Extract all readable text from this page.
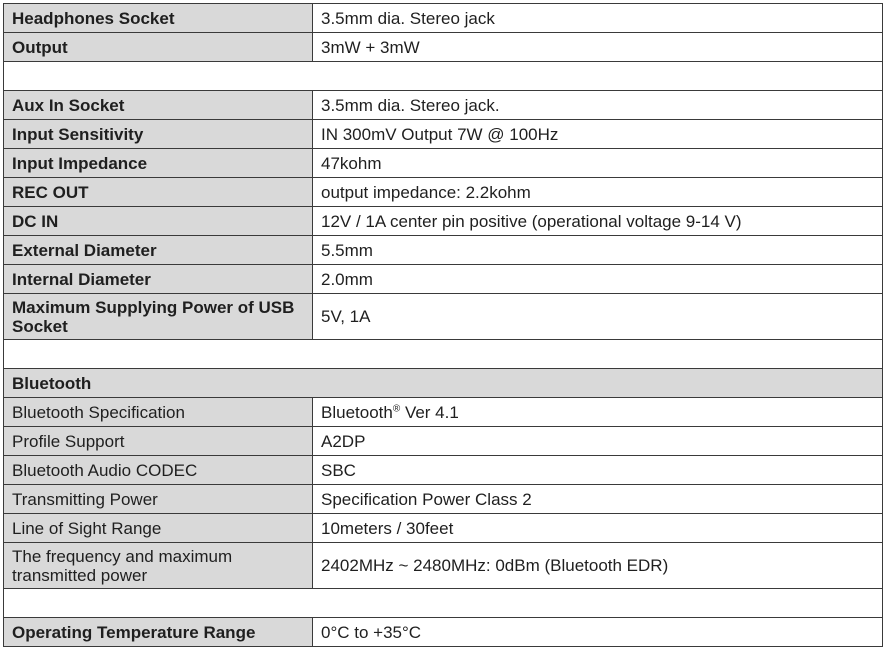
Headphones Socket	3.5mm dia. Stereo jack
Output	3mW + 3mW

Aux In Socket	3.5mm dia. Stereo jack.
Input Sensitivity	IN 300mV Output 7W @ 100Hz
Input Impedance	47kohm
REC OUT	output impedance: 2.2kohm
DC IN	12V / 1A center pin positive (operational voltage 9-14 V)
External Diameter	5.5mm
Internal Diameter	2.0mm
Maximum Supplying Power of USB Socket	5V, 1A

Bluetooth	
Bluetooth Specification	Bluetooth® Ver 4.1
Profile Support	A2DP
Bluetooth Audio CODEC	SBC
Transmitting Power	Specification Power Class 2
Line of Sight Range	10meters / 30feet
The frequency and maximum transmitted power	2402MHz ~ 2480MHz: 0dBm (Bluetooth EDR)

Operating Temperature Range	0°C to +35°C
